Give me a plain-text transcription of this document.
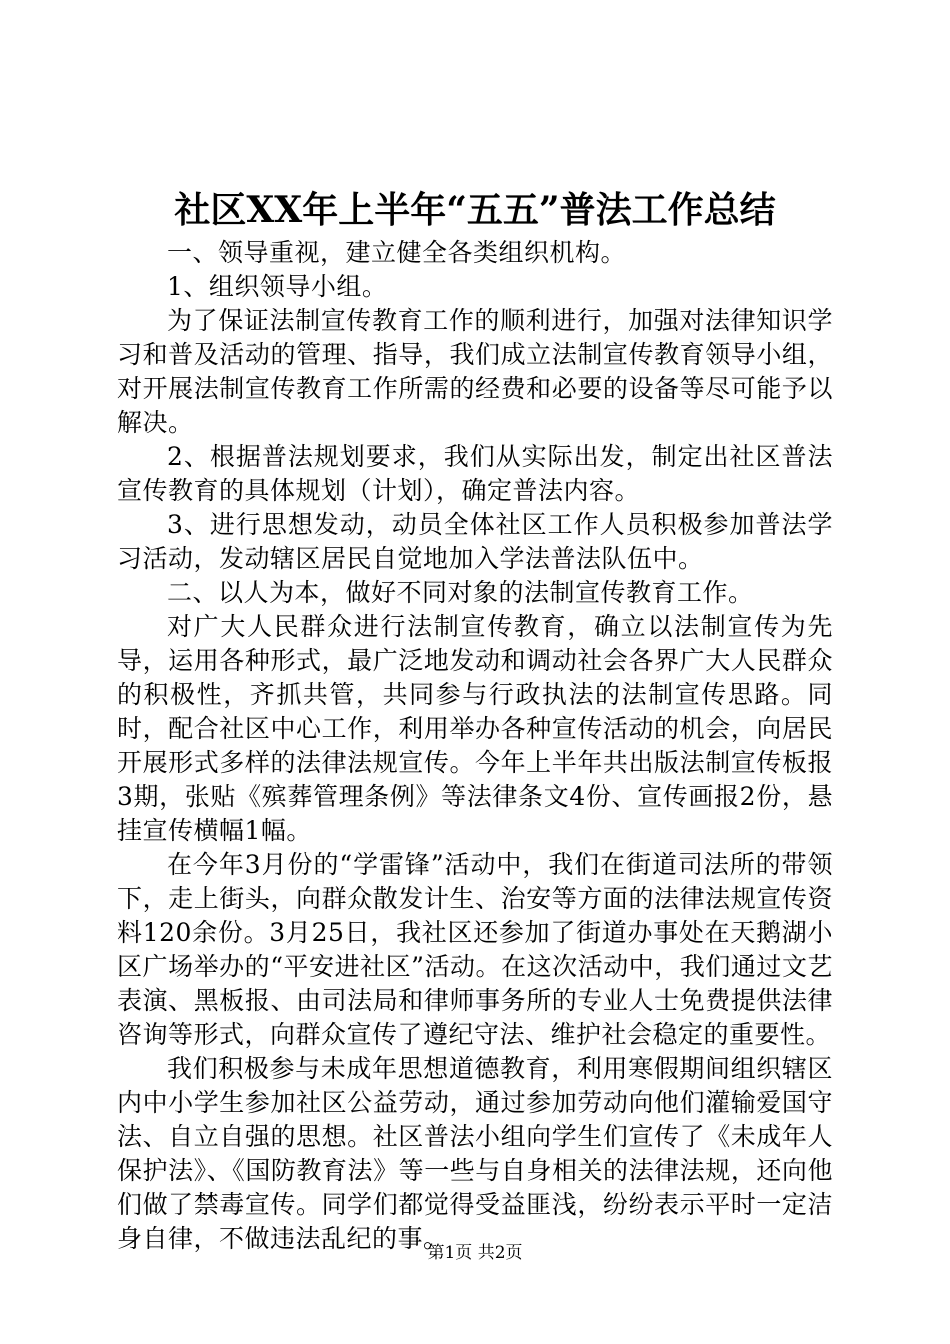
社区XX年上半年“五五”普法工作总结

一、领导重视，建立健全各类组织机构。

1、组织领导小组。

为了保证法制宣传教育工作的顺利进行，加强对法律知识学习和普及活动的管理、指导，我们成立法制宣传教育领导小组，对开展法制宣传教育工作所需的经费和必要的设备等尽可能予以解决。

2、根据普法规划要求，我们从实际出发，制定出社区普法宣传教育的具体规划（计划），确定普法内容。

3、进行思想发动，动员全体社区工作人员积极参加普法学习活动，发动辖区居民自觉地加入学法普法队伍中。

二、以人为本，做好不同对象的法制宣传教育工作。

对广大人民群众进行法制宣传教育，确立以法制宣传为先导，运用各种形式，最广泛地发动和调动社会各界广大人民群众的积极性，齐抓共管，共同参与行政执法的法制宣传思路。同时，配合社区中心工作，利用举办各种宣传活动的机会，向居民开展形式多样的法律法规宣传。今年上半年共出版法制宣传板报3期，张贴《殡葬管理条例》等法律条文4份、宣传画报2份，悬挂宣传横幅1幅。

在今年3月份的“学雷锋”活动中，我们在街道司法所的带领下，走上街头，向群众散发计生、治安等方面的法律法规宣传资料120余份。3月25日，我社区还参加了街道办事处在天鹅湖小区广场举办的“平安进社区”活动。在这次活动中，我们通过文艺表演、黑板报、由司法局和律师事务所的专业人士免费提供法律咨询等形式，向群众宣传了遵纪守法、维护社会稳定的重要性。

我们积极参与未成年思想道德教育，利用寒假期间组织辖区内中小学生参加社区公益劳动，通过参加劳动向他们灌输爱国守法、自立自强的思想。社区普法小组向学生们宣传了《未成年人保护法》、《国防教育法》等一些与自身相关的法律法规，还向他们做了禁毒宣传。同学们都觉得受益匪浅，纷纷表示平时一定洁身自律，不做违法乱纪的事。

第1页 共2页
